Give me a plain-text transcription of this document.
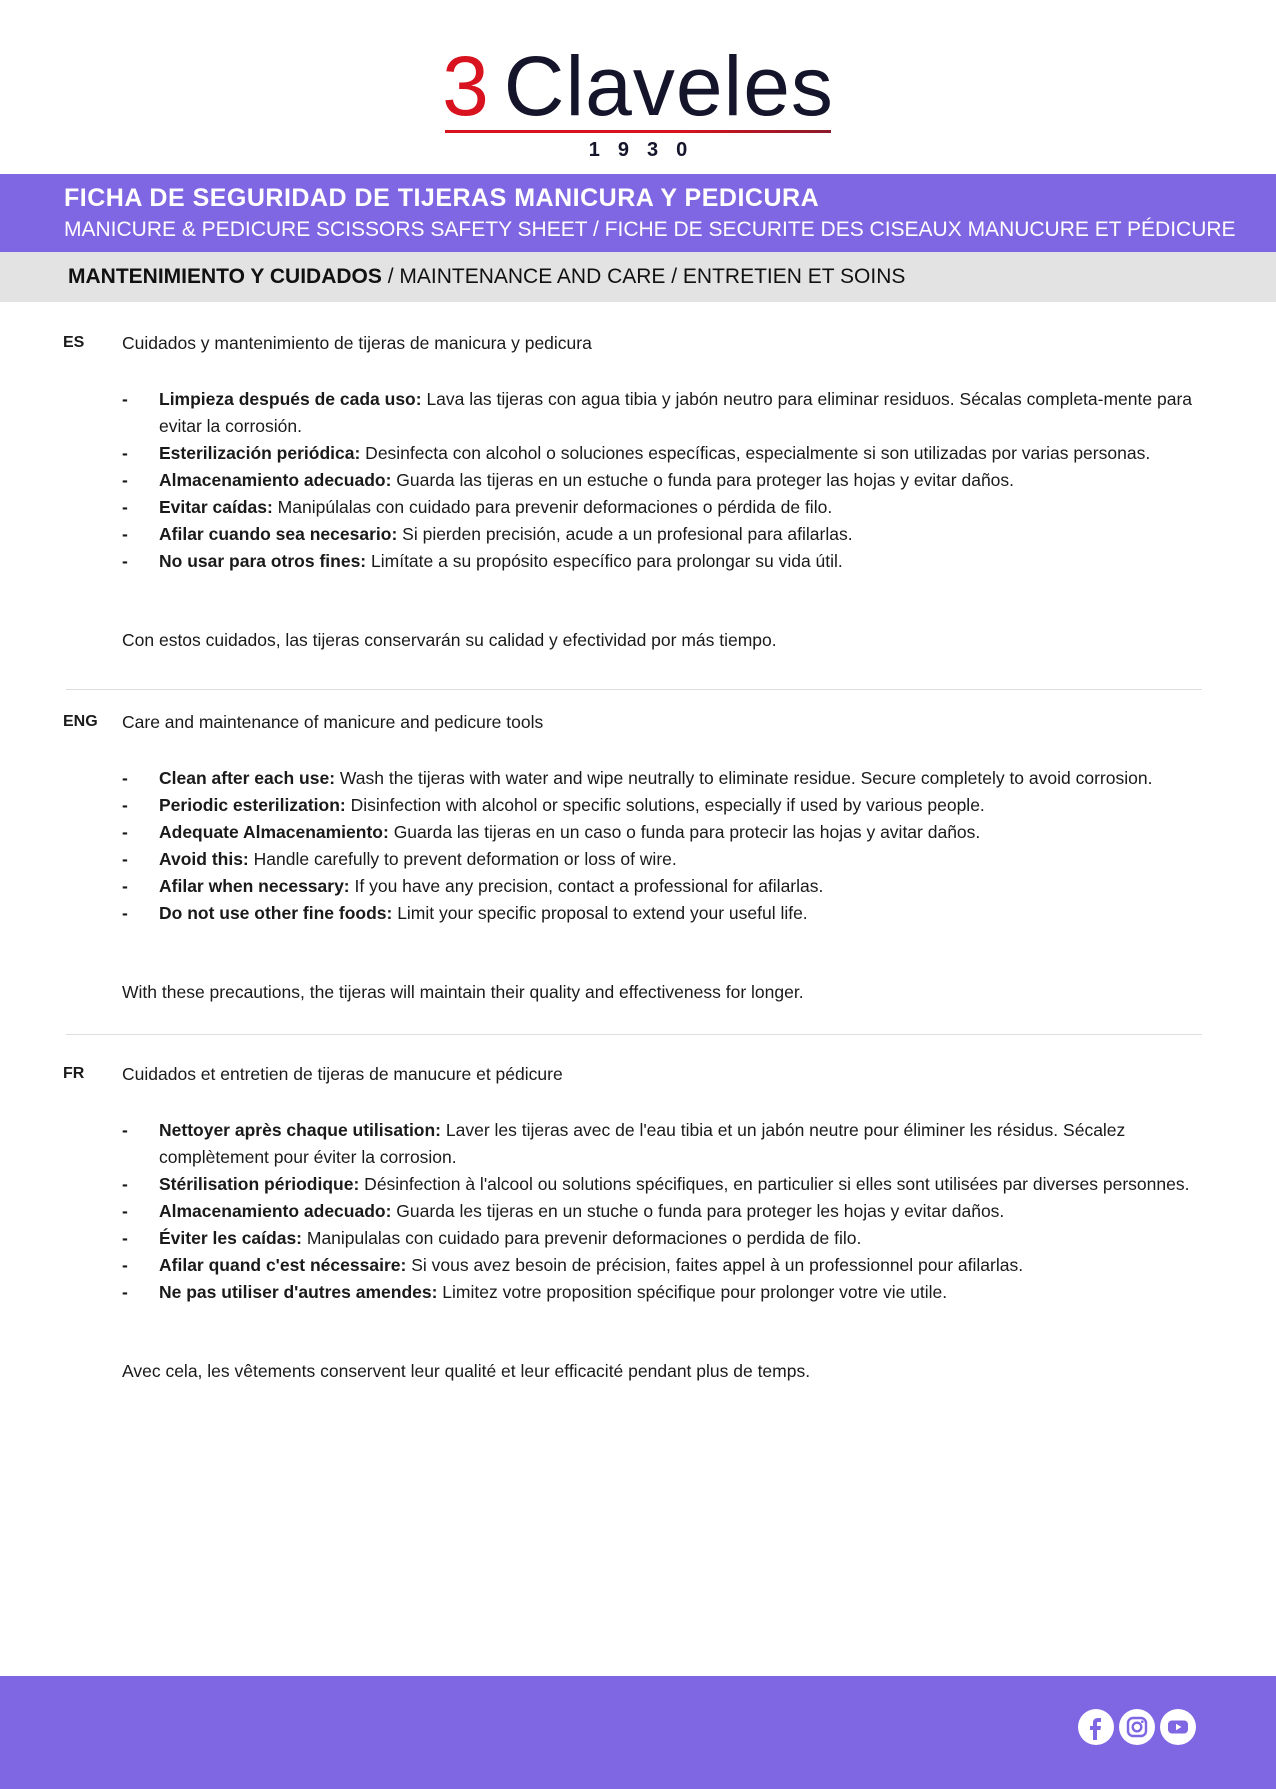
3 Claveles
1930
FICHA DE SEGURIDAD DE TIJERAS MANICURA Y PEDICURA
MANICURE & PEDICURE SCISSORS SAFETY SHEET / FICHE DE SECURITE DES CISEAUX MANUCURE ET PÉDICURE
MANTENIMIENTO Y CUIDADOS / MAINTENANCE AND CARE / ENTRETIEN ET SOINS
ES Cuidados y mantenimiento de tijeras de manicura y pedicura
- Limpieza después de cada uso: Lava las tijeras con agua tibia y jabón neutro para eliminar residuos. Sécalas completa-mente para evitar la corrosión.
- Esterilización periódica: Desinfecta con alcohol o soluciones específicas, especialmente si son utilizadas por varias personas.
- Almacenamiento adecuado: Guarda las tijeras en un estuche o funda para proteger las hojas y evitar daños.
- Evitar caídas: Manipúlalas con cuidado para prevenir deformaciones o pérdida de filo.
- Afilar cuando sea necesario: Si pierden precisión, acude a un profesional para afilarlas.
- No usar para otros fines: Limítate a su propósito específico para prolongar su vida útil.
Con estos cuidados, las tijeras conservarán su calidad y efectividad por más tiempo.
ENG Care and maintenance of manicure and pedicure tools
- Clean after each use: Wash the tijeras with water and wipe neutrally to eliminate residue. Secure completely to avoid corrosion.
- Periodic esterilization: Disinfection with alcohol or specific solutions, especially if used by various people.
- Adequate Almacenamiento: Guarda las tijeras en un caso o funda para protecir las hojas y avitar daños.
- Avoid this: Handle carefully to prevent deformation or loss of wire.
- Afilar when necessary: If you have any precision, contact a professional for afilarlas.
- Do not use other fine foods: Limit your specific proposal to extend your useful life.
With these precautions, the tijeras will maintain their quality and effectiveness for longer.
FR Cuidados et entretien de tijeras de manucure et pédicure
- Nettoyer après chaque utilisation: Laver les tijeras avec de l'eau tibia et un jabón neutre pour éliminer les résidus. Sécalez complètement pour éviter la corrosion.
- Stérilisation périodique: Désinfection à l'alcool ou solutions spécifiques, en particulier si elles sont utilisées par diverses personnes.
- Almacenamiento adecuado: Guarda les tijeras en un stuche o funda para proteger les hojas y evitar daños.
- Éviter les caídas: Manipulalas con cuidado para prevenir deformaciones o perdida de filo.
- Afilar quand c'est nécessaire: Si vous avez besoin de précision, faites appel à un professionnel pour afilarlas.
- Ne pas utiliser d'autres amendes: Limitez votre proposition spécifique pour prolonger votre vie utile.
Avec cela, les vêtements conservent leur qualité et leur efficacité pendant plus de temps.
